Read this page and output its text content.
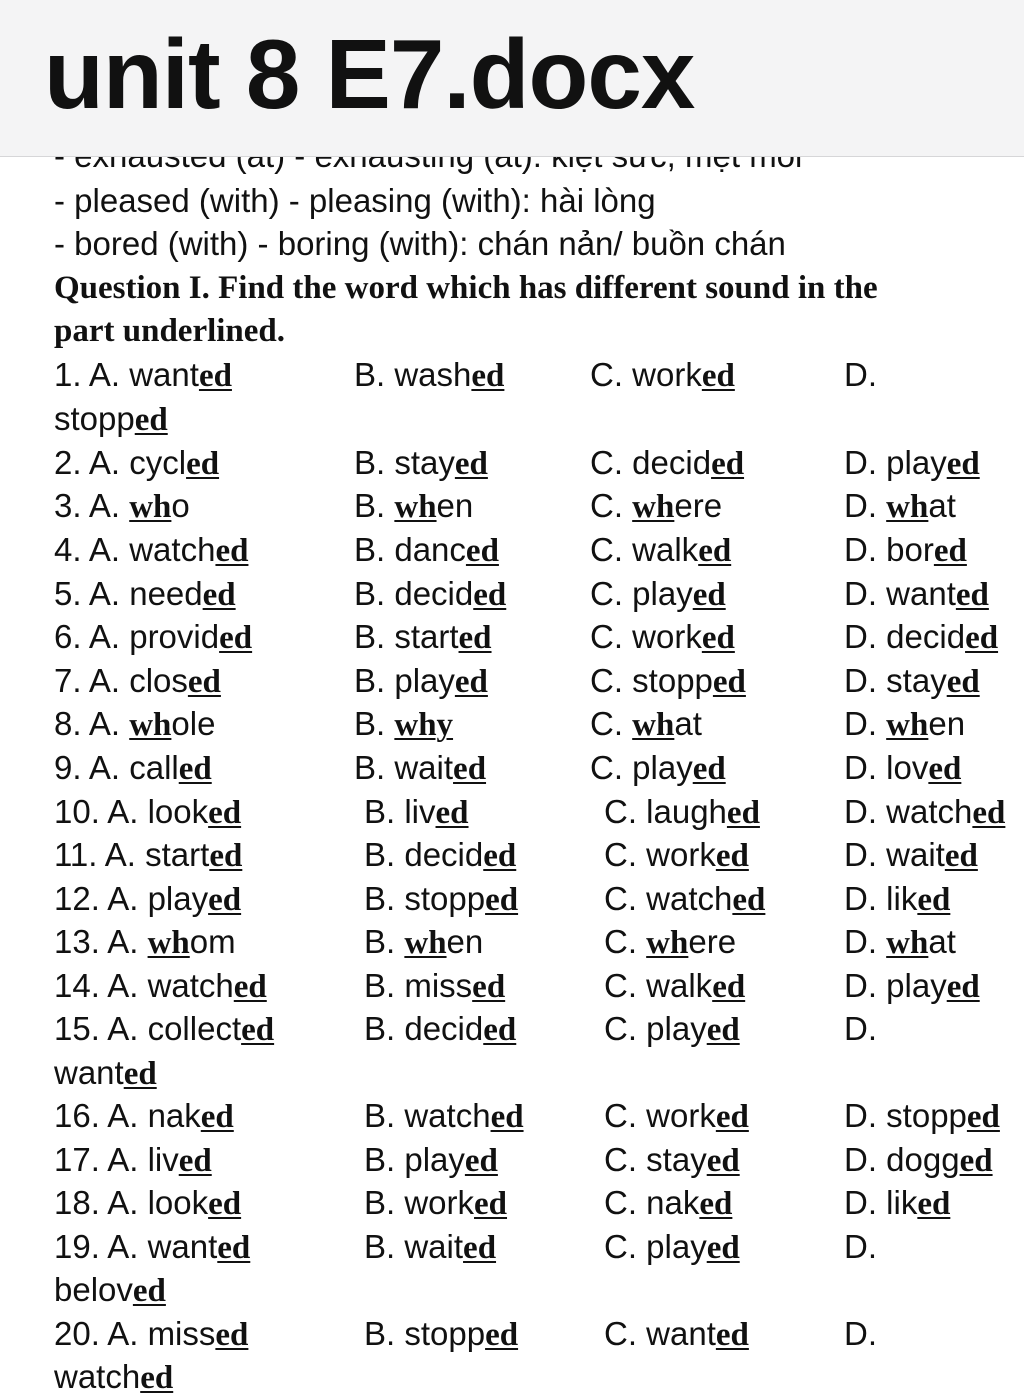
unit 8 E7.docx
- pleased (with) - pleasing (with): hài lòng
- bored (with) - boring (with): chán nản/ buồn chán
Question I. Find the word which has different sound in the
part underlined.
1. A. wanted	B. washed	C. worked	D.
stopped
2. A. cycled	B. stayed	C. decided	D. played
3. A. who	B. when	C. where	D. what
4. A. watched	B. danced	C. walked	D. bored
5. A. needed	B. decided	C. played	D. wanted
6. A. provided	B. started	C. worked	D. decided
7. A. closed	B. played	C. stopped	D. stayed
8. A. whole	B. why	C. what	D. when
9. A. called	B. waited	C. played	D. loved
10. A. looked	B. lived	C. laughed	D. watched
11. A. started	B. decided	C. worked	D. waited
12. A. played	B. stopped	C. watched D. liked
13. A. whom	B. when	C. where	D. what
14. A. watched	B. missed	C. walked	D. played
15. A. collected	B. decided	C. played	D.
wanted
16. A. naked	B. watched C. worked	D. stopped
17. A. lived	B. played	C. stayed	D. dogged
18. A. looked	B. worked	C. naked	D. liked
19. A. wanted	B. waited	C. played	D.
beloved
20. A. missed	B. stopped	C. wanted	D.
watched
